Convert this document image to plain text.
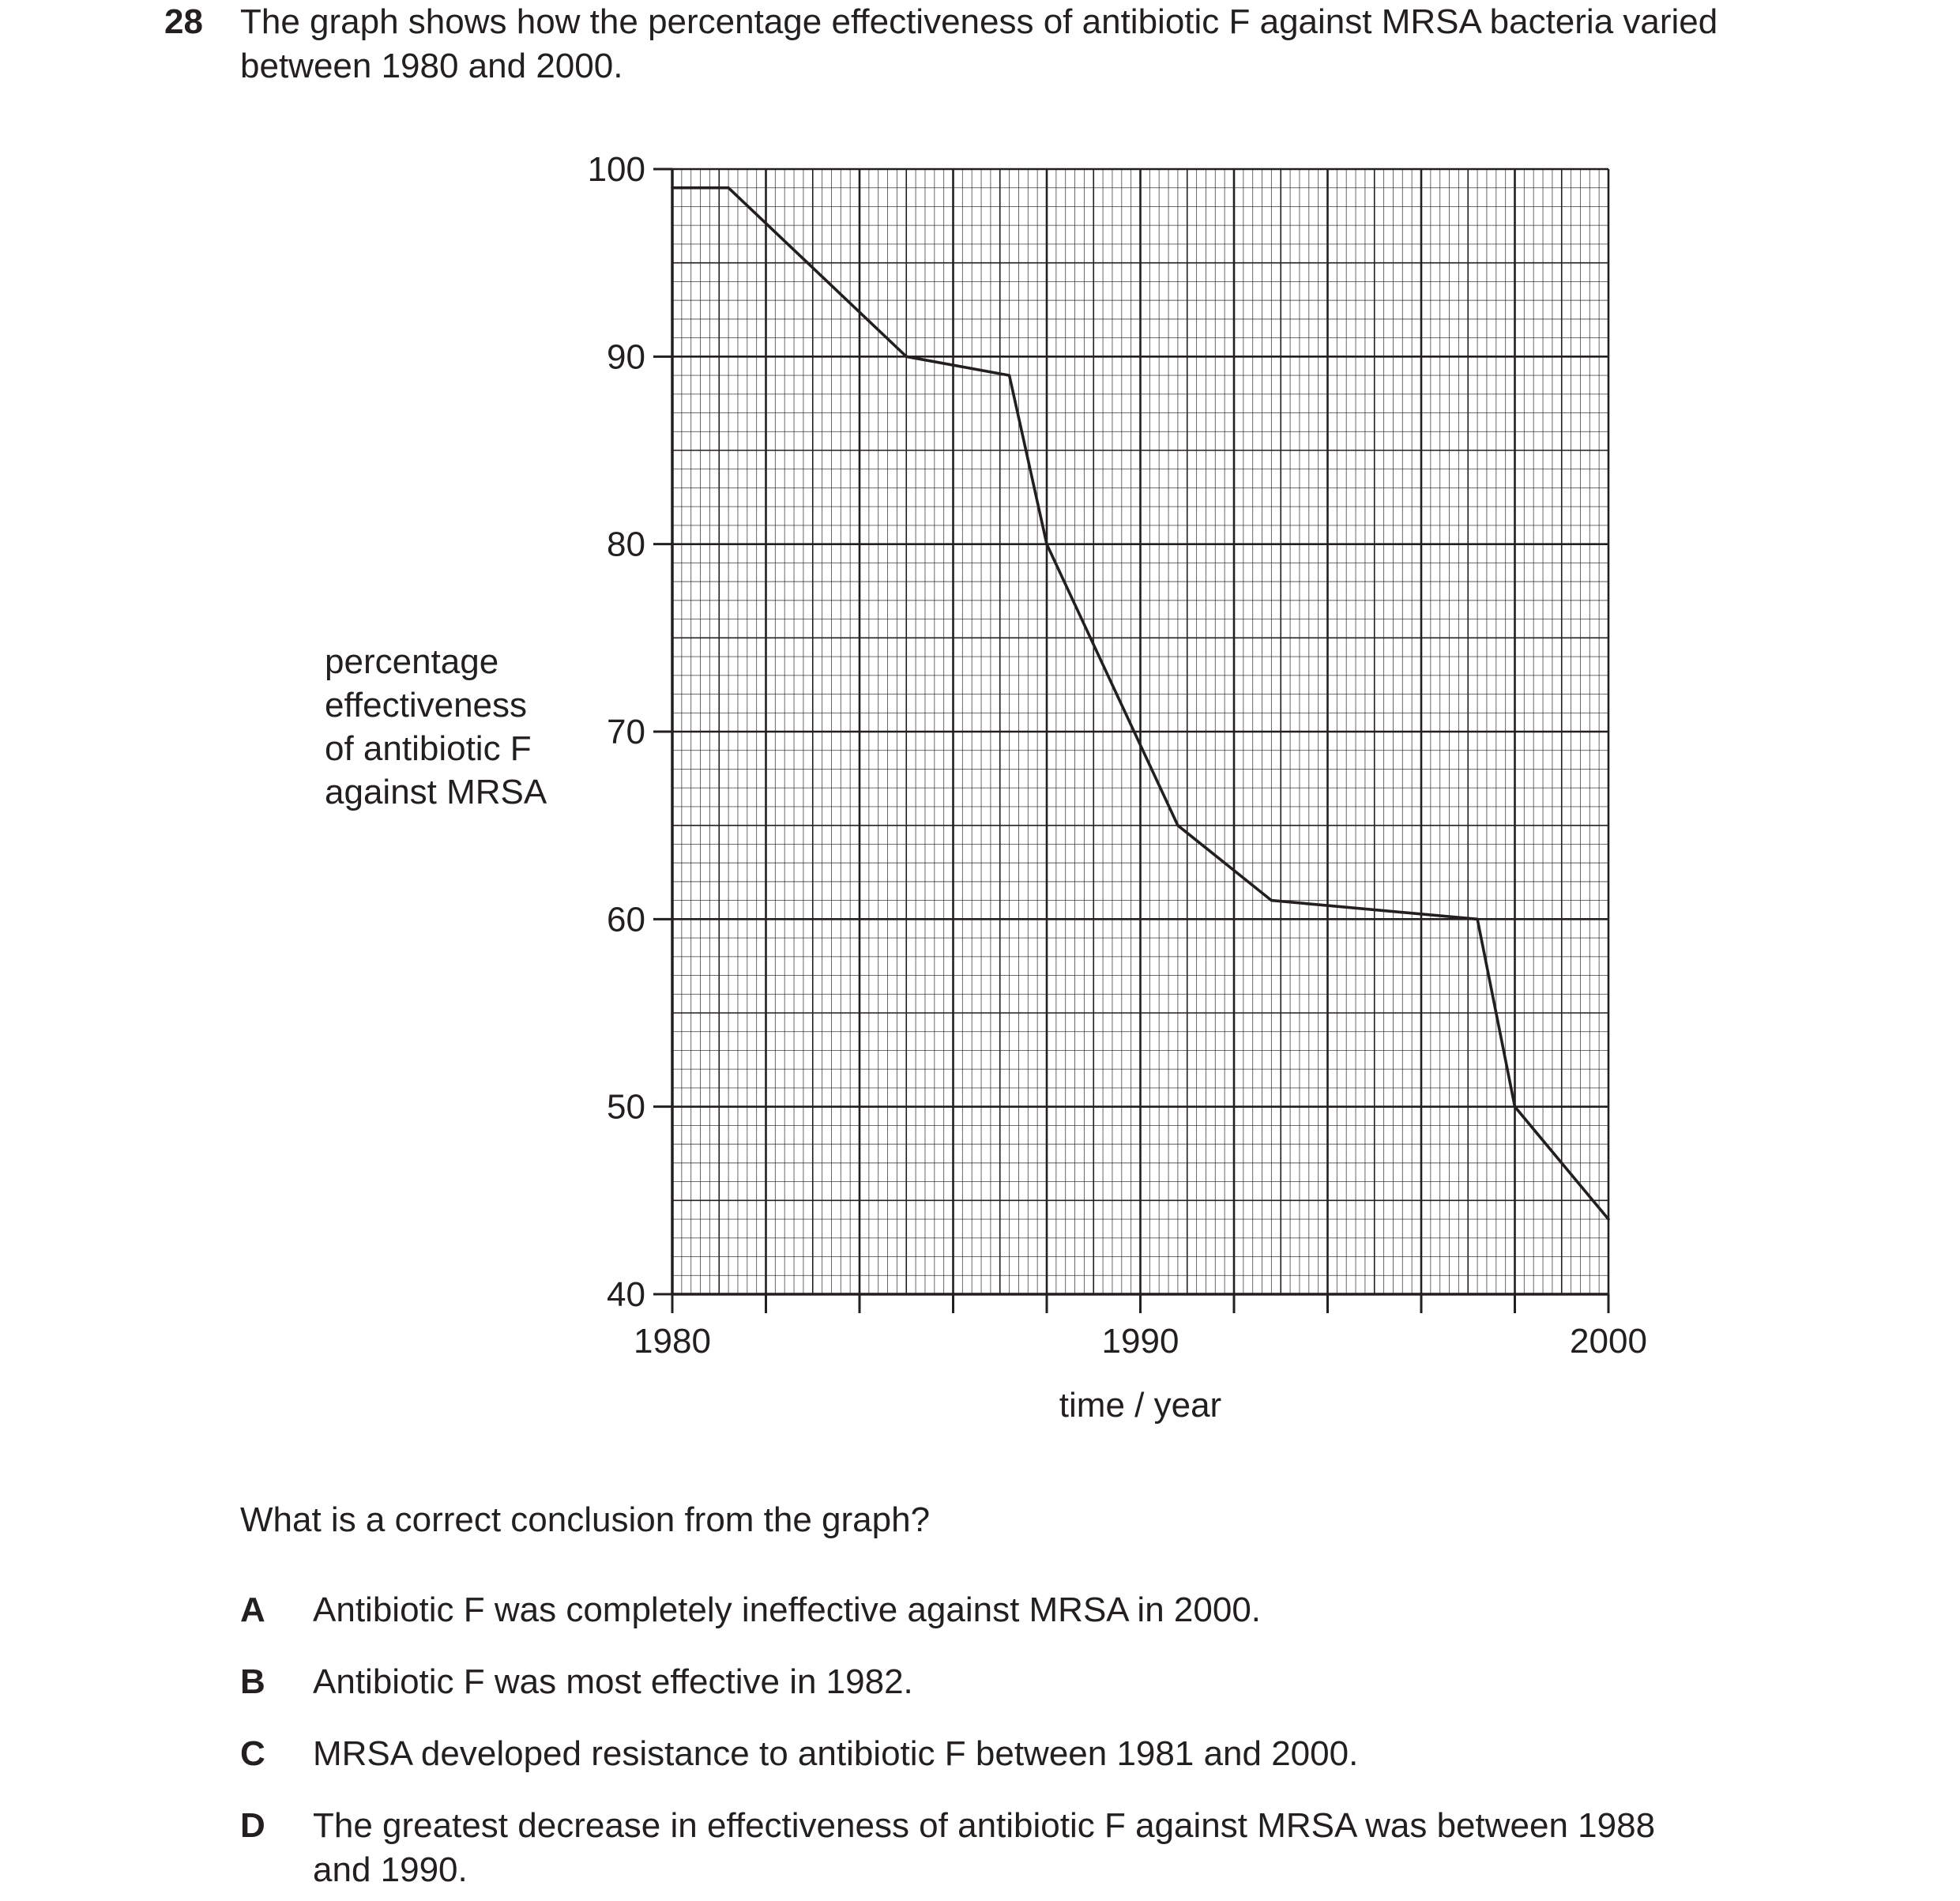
28 The graph shows how the percentage effectiveness of antibiotic F against MRSA bacteria varied
between 1980 and 2000.
percentage
effectiveness
of antibiotic F
against MRSA
100
90
80
70
60
50
40
1980	1990	2000
time / year
What is a correct conclusion from the graph?
A Antibiotic F was completely ineffective against MRSA in 2000.
B Antibiotic F was most effective in 1982.
C MRSA developed resistance to antibiotic F between 1981 and 2000.
D The greatest decrease in effectiveness of antibiotic F against MRSA was between 1988
and 1990.
